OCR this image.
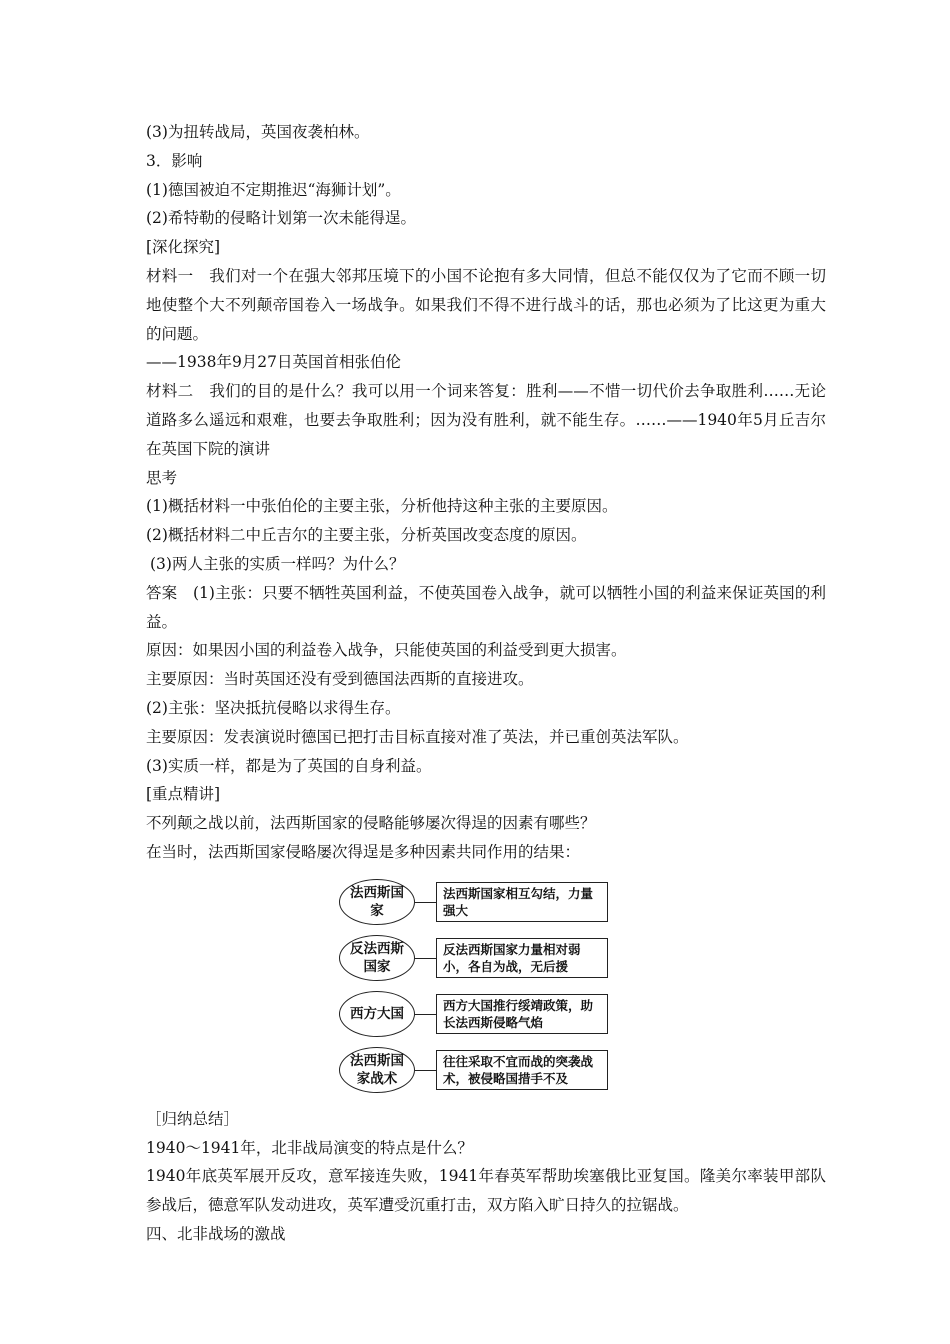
(3)为扭转战局，英国夜袭柏林。
3．影响
(1)德国被迫不定期推迟“海狮计划”。
(2)希特勒的侵略计划第一次未能得逞。
[深化探究]
材料一　我们对一个在强大邻邦压境下的小国不论抱有多大同情，但总不能仅仅为了它而不顾一切地使整个大不列颠帝国卷入一场战争。如果我们不得不进行战斗的话，那也必须为了比这更为重大的问题。
——1938年9月27日英国首相张伯伦
材料二　我们的目的是什么？我可以用一个词来答复：胜利——不惜一切代价去争取胜利……无论道路多么遥远和艰难，也要去争取胜利；因为没有胜利，就不能生存。……——1940年5月丘吉尔在英国下院的演讲
思考
(1)概括材料一中张伯伦的主要主张，分析他持这种主张的主要原因。
(2)概括材料二中丘吉尔的主要主张，分析英国改变态度的原因。
(3)两人主张的实质一样吗？为什么？
答案　(1)主张：只要不牺牲英国利益，不使英国卷入战争，就可以牺牲小国的利益来保证英国的利益。
原因：如果因小国的利益卷入战争，只能使英国的利益受到更大损害。
主要原因：当时英国还没有受到德国法西斯的直接进攻。
(2)主张：坚决抵抗侵略以求得生存。
主要原因：发表演说时德国已把打击目标直接对准了英法，并已重创英法军队。
(3)实质一样，都是为了英国的自身利益。
[重点精讲]
不列颠之战以前，法西斯国家的侵略能够屡次得逞的因素有哪些？
在当时，法西斯国家侵略屡次得逞是多种因素共同作用的结果：
法西斯国家
法西斯国家相互勾结，力量强大
反法西斯国家
反法西斯国家力量相对弱小，各自为战，无后援
西方大国
西方大国推行绥靖政策，助长法西斯侵略气焰
法西斯国家战术
往往采取不宜而战的突袭战术，被侵略国措手不及
［归纳总结］
1940～1941年，北非战局演变的特点是什么？
1940年底英军展开反攻，意军接连失败，1941年春英军帮助埃塞俄比亚复国。隆美尔率装甲部队参战后，德意军队发动进攻，英军遭受沉重打击，双方陷入旷日持久的拉锯战。
四、北非战场的激战
